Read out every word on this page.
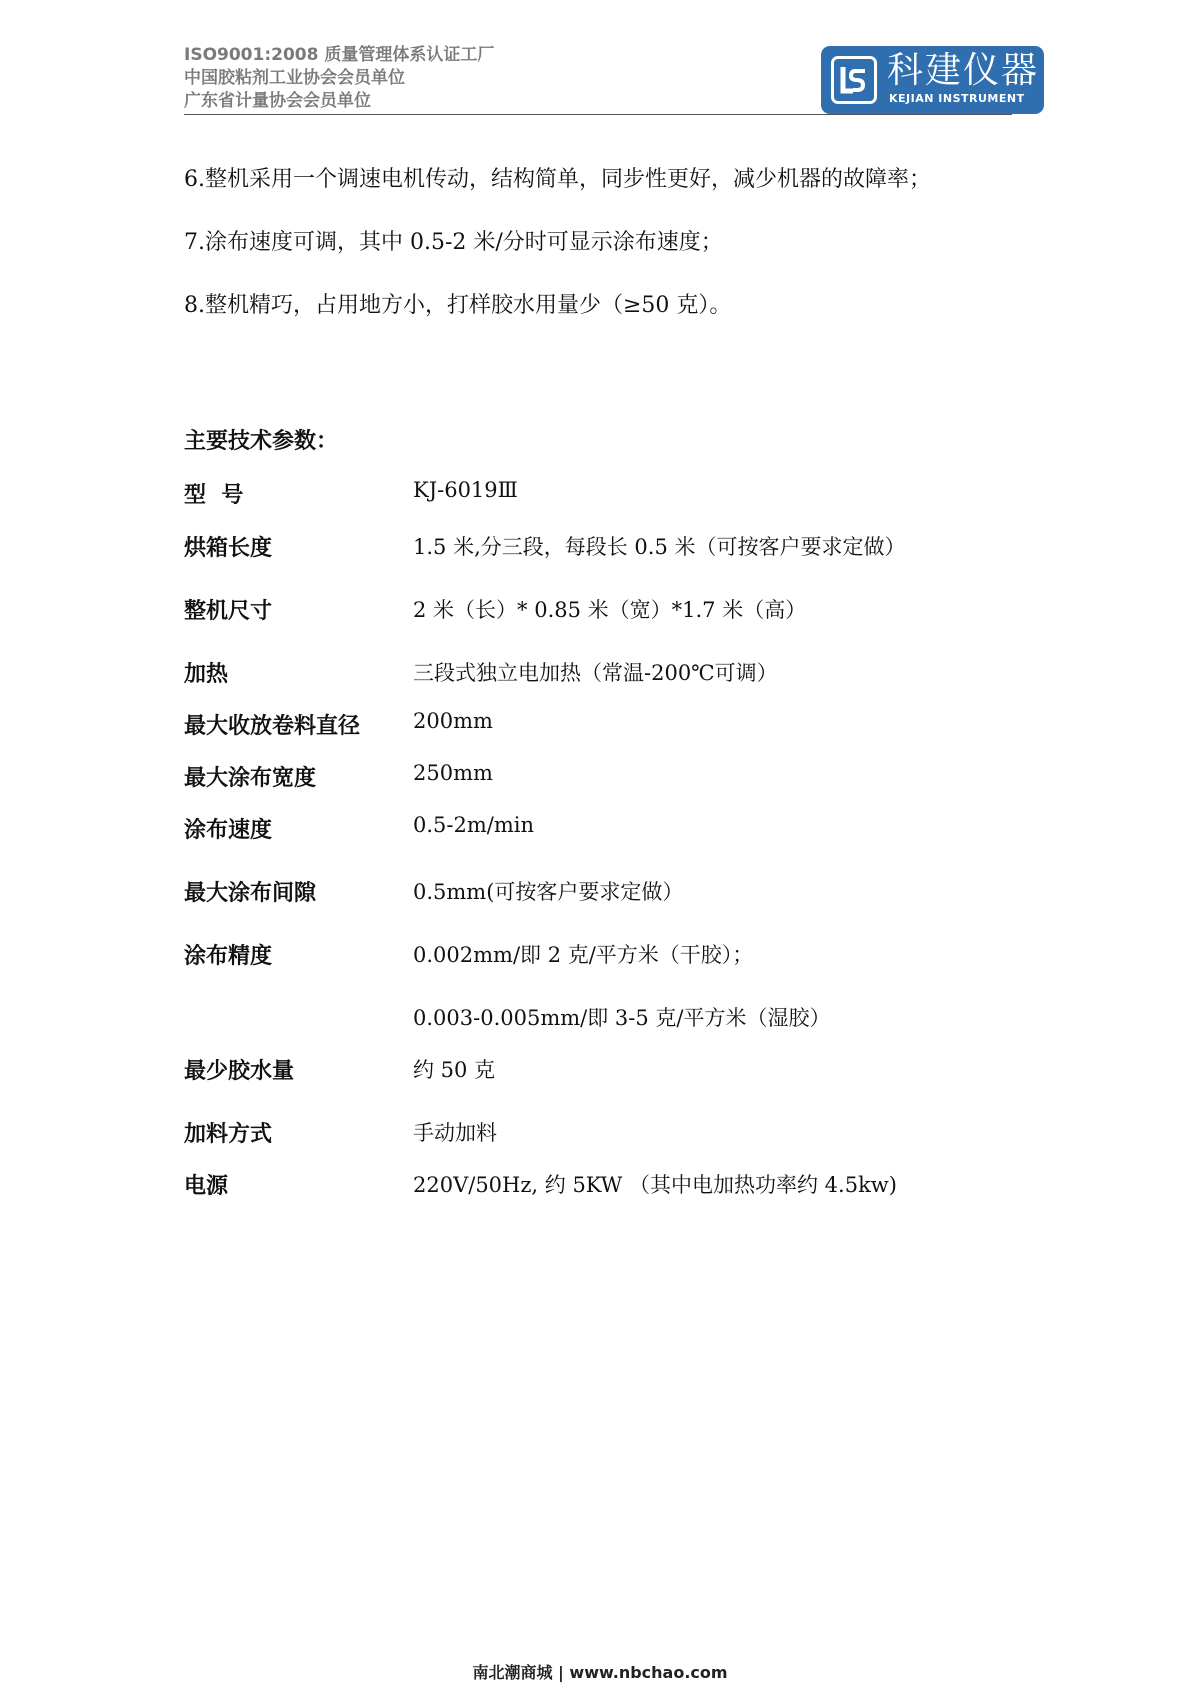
ISO9001:2008 质量管理体系认证工厂
中国胶粘剂工业协会会员单位
广东省计量协会会员单位
科建仪器
KEJIAN INSTRUMENT
6.整机采用一个调速电机传动，结构简单，同步性更好，减少机器的故障率；
7.涂布速度可调，其中 0.5-2 米/分时可显示涂布速度；
8.整机精巧，占用地方小，打样胶水用量少（≥50 克）。
主要技术参数：
型  号	KJ-6019Ⅲ
烘箱长度	1.5 米,分三段，每段长 0.5 米（可按客户要求定做）
整机尺寸	2 米（长）* 0.85 米（宽）*1.7 米（高）
加热	三段式独立电加热（常温-200℃可调）
最大收放卷料直径	200mm
最大涂布宽度	250mm
涂布速度	0.5-2m/min
最大涂布间隙	0.5mm(可按客户要求定做）
涂布精度	0.002mm/即 2 克/平方米（干胶）；
0.003-0.005mm/即 3-5 克/平方米（湿胶）
最少胶水量	约 50 克
加料方式	手动加料
电源	220V/50Hz, 约 5KW （其中电加热功率约 4.5kw)
南北潮商城 | www.nbchao.com
